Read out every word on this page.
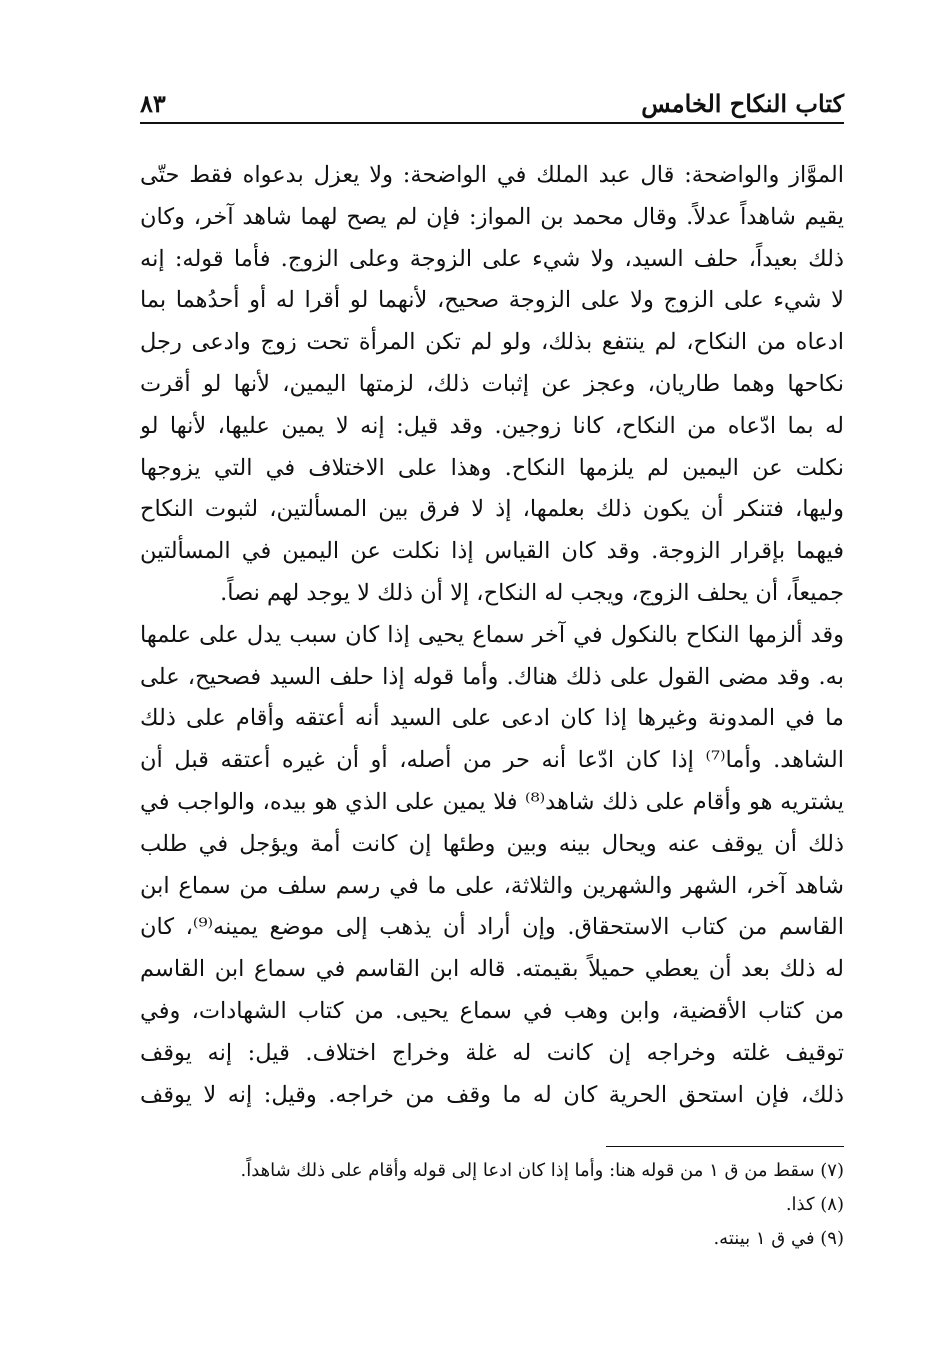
كتاب النكاح الخامس
٨٣
الموَّاز والواضحة: قال عبد الملك في الواضحة: ولا يعزل بدعواه فقط حتّى
يقيم شاهداً عدلاً. وقال محمد بن المواز: فإن لم يصح لهما شاهد آخر، وكان
ذلك بعيداً، حلف السيد، ولا شيء على الزوجة وعلى الزوج. فأما قوله: إنه
لا شيء على الزوج ولا على الزوجة صحيح، لأنهما لو أقرا له أو أحدُهما بما
ادعاه من النكاح، لم ينتفع بذلك، ولو لم تكن المرأة تحت زوج وادعى رجل
نكاحها وهما طاريان، وعجز عن إثبات ذلك، لزمتها اليمين، لأنها لو أقرت
له بما ادّعاه من النكاح، كانا زوجين. وقد قيل: إنه لا يمين عليها، لأنها لو
نكلت عن اليمين لم يلزمها النكاح. وهذا على الاختلاف في التي يزوجها
وليها، فتنكر أن يكون ذلك بعلمها، إذ لا فرق بين المسألتين، لثبوت النكاح
فيهما بإقرار الزوجة. وقد كان القياس إذا نكلت عن اليمين في المسألتين
جميعاً، أن يحلف الزوج، ويجب له النكاح، إلا أن ذلك لا يوجد لهم نصاً.
وقد ألزمها النكاح بالنكول في آخر سماع يحيى إذا كان سبب يدل على علمها
به. وقد مضى القول على ذلك هناك. وأما قوله إذا حلف السيد فصحيح، على
ما في المدونة وغيرها إذا كان ادعى على السيد أنه أعتقه وأقام على ذلك
الشاهد. وأما⁽⁷⁾ إذا كان ادّعا أنه حر من أصله، أو أن غيره أعتقه قبل أن
يشتريه هو وأقام على ذلك شاهد⁽⁸⁾ فلا يمين على الذي هو بيده، والواجب في
ذلك أن يوقف عنه ويحال بينه وبين وطئها إن كانت أمة ويؤجل في طلب
شاهد آخر، الشهر والشهرين والثلاثة، على ما في رسم سلف من سماع ابن
القاسم من كتاب الاستحقاق. وإن أراد أن يذهب إلى موضع يمينه⁽⁹⁾، كان
له ذلك بعد أن يعطي حميلاً بقيمته. قاله ابن القاسم في سماع ابن القاسم
من كتاب الأقضية، وابن وهب في سماع يحيى. من كتاب الشهادات، وفي
توقيف غلته وخراجه إن كانت له غلة وخراج اختلاف. قيل: إنه يوقف
ذلك، فإن استحق الحرية كان له ما وقف من خراجه. وقيل: إنه لا يوقف
(٧) سقط من ق ١ من قوله هنا: وأما إذا كان ادعا إلى قوله وأقام على ذلك شاهداً.
(٨) كذا.
(٩) في ق ١ بينته.
